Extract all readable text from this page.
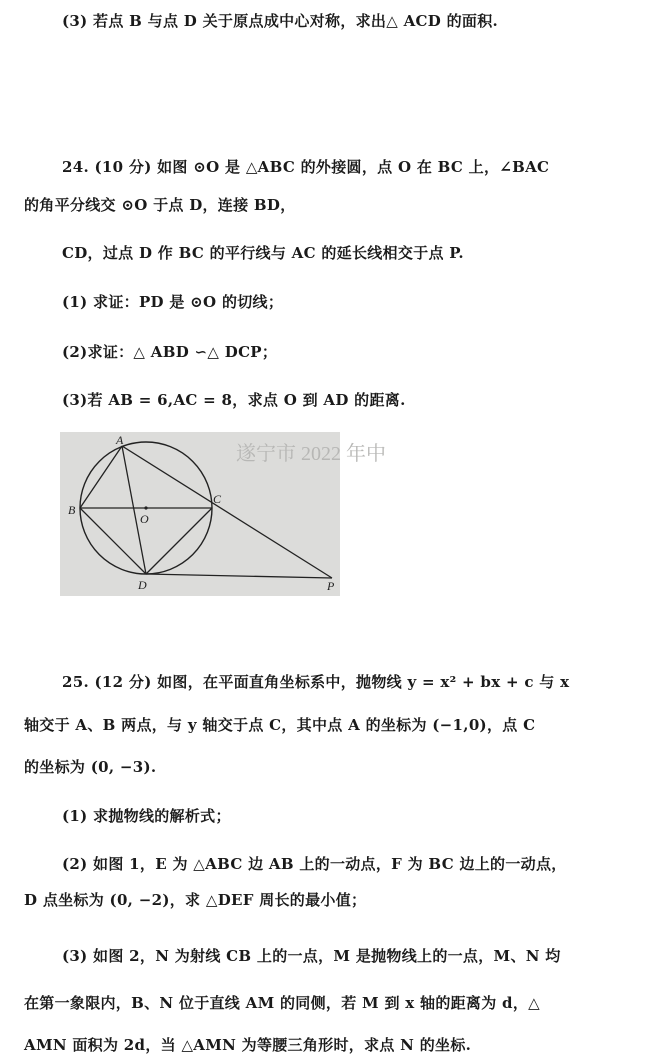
(3) 若点 B 与点 D 关于原点成中心对称，求出△ ACD 的面积.
24. (10 分) 如图 ⊙O 是 △ABC 的外接圆，点 O 在 BC 上，∠BAC
的角平分线交 ⊙O 于点 D，连接 BD，
CD，过点 D 作 BC 的平行线与 AC 的延长线相交于点 P.
(1) 求证：PD 是 ⊙O 的切线；
(2)求证：△ ABD ∽△ DCP；
(3)若 AB = 6,AC = 8，求点 O 到 AD 的距离.
遂宁市 2022 年中
A
B
C
O
D	P
25. (12 分) 如图，在平面直角坐标系中，抛物线 y = x² + bx + c 与 x
轴交于 A、B 两点，与 y 轴交于点 C，其中点 A 的坐标为 (−1,0)，点 C
的坐标为 (0, −3).
(1) 求抛物线的解析式；
(2) 如图 1，E 为 △ABC 边 AB 上的一动点，F 为 BC 边上的一动点，
D 点坐标为 (0, −2)，求 △DEF 周长的最小值；
(3) 如图 2，N 为射线 CB 上的一点，M 是抛物线上的一点，M、N 均
在第一象限内，B、N 位于直线 AM 的同侧，若 M 到 x 轴的距离为 d，△
AMN 面积为 2d，当 △AMN 为等腰三角形时，求点 N 的坐标.
